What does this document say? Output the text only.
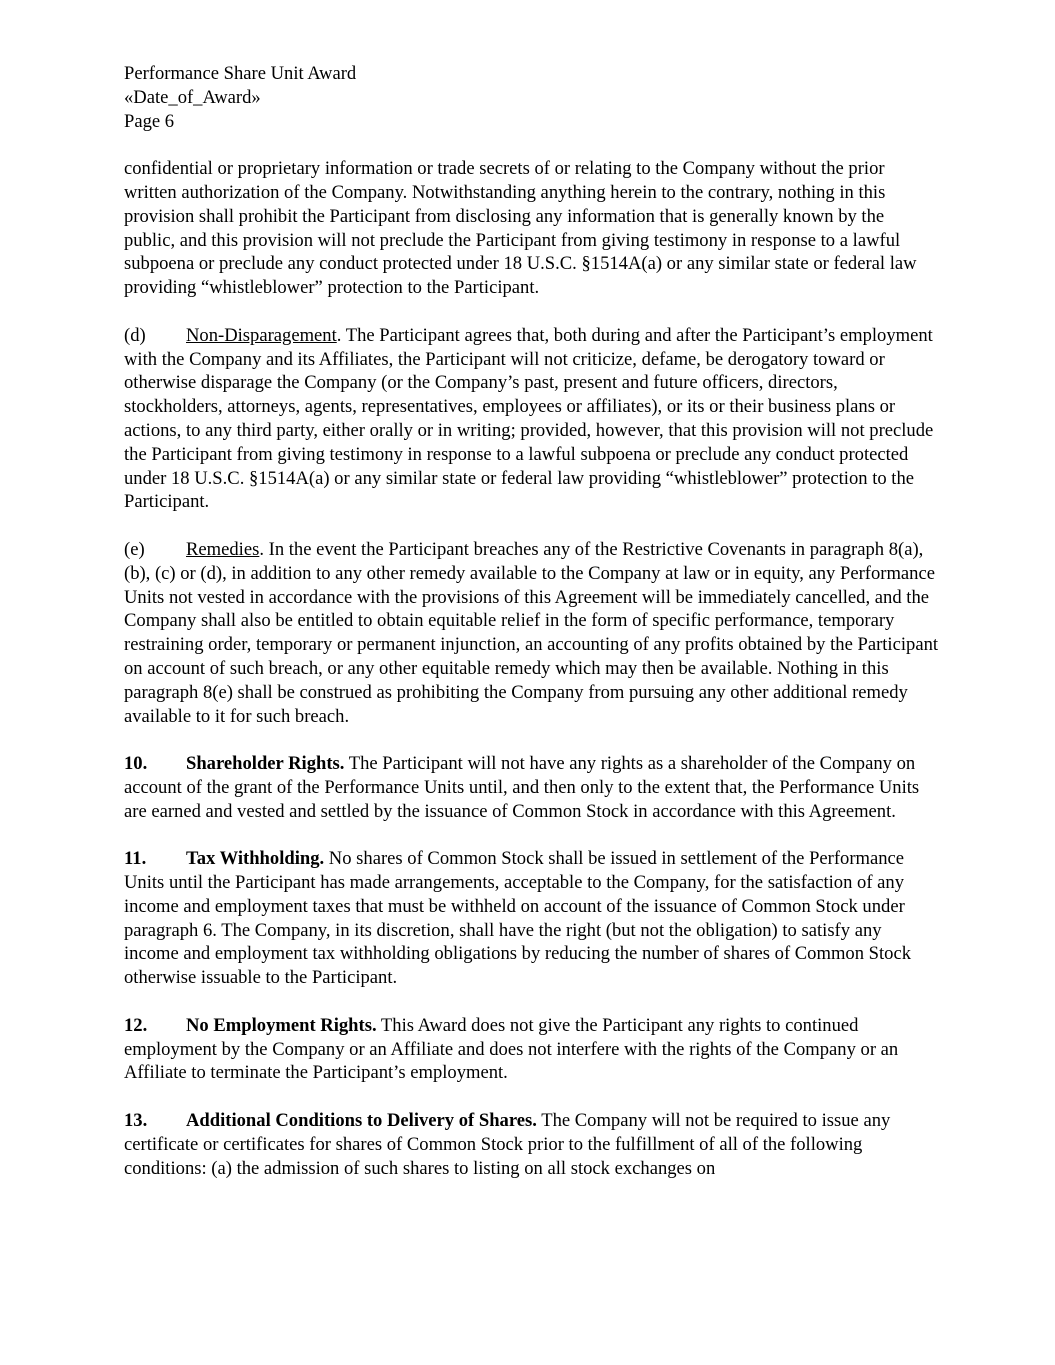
Performance Share Unit Award
«Date_of_Award»
Page 6

confidential or proprietary information or trade secrets of or relating to the Company without the prior written authorization of the Company. Notwithstanding anything herein to the contrary, nothing in this provision shall prohibit the Participant from disclosing any information that is generally known by the public, and this provision will not preclude the Participant from giving testimony in response to a lawful subpoena or preclude any conduct protected under 18 U.S.C. §1514A(a) or any similar state or federal law providing “whistleblower” protection to the Participant.

(d) Non-Disparagement. The Participant agrees that, both during and after the Participant’s employment with the Company and its Affiliates, the Participant will not criticize, defame, be derogatory toward or otherwise disparage the Company (or the Company’s past, present and future officers, directors, stockholders, attorneys, agents, representatives, employees or affiliates), or its or their business plans or actions, to any third party, either orally or in writing; provided, however, that this provision will not preclude the Participant from giving testimony in response to a lawful subpoena or preclude any conduct protected under 18 U.S.C. §1514A(a) or any similar state or federal law providing “whistleblower” protection to the Participant.

(e) Remedies. In the event the Participant breaches any of the Restrictive Covenants in paragraph 8(a), (b), (c) or (d), in addition to any other remedy available to the Company at law or in equity, any Performance Units not vested in accordance with the provisions of this Agreement will be immediately cancelled, and the Company shall also be entitled to obtain equitable relief in the form of specific performance, temporary restraining order, temporary or permanent injunction, an accounting of any profits obtained by the Participant on account of such breach, or any other equitable remedy which may then be available. Nothing in this paragraph 8(e) shall be construed as prohibiting the Company from pursuing any other additional remedy available to it for such breach.

10. Shareholder Rights. The Participant will not have any rights as a shareholder of the Company on account of the grant of the Performance Units until, and then only to the extent that, the Performance Units are earned and vested and settled by the issuance of Common Stock in accordance with this Agreement.

11. Tax Withholding. No shares of Common Stock shall be issued in settlement of the Performance Units until the Participant has made arrangements, acceptable to the Company, for the satisfaction of any income and employment taxes that must be withheld on account of the issuance of Common Stock under paragraph 6. The Company, in its discretion, shall have the right (but not the obligation) to satisfy any income and employment tax withholding obligations by reducing the number of shares of Common Stock otherwise issuable to the Participant.

12. No Employment Rights. This Award does not give the Participant any rights to continued employment by the Company or an Affiliate and does not interfere with the rights of the Company or an Affiliate to terminate the Participant’s employment.

13. Additional Conditions to Delivery of Shares. The Company will not be required to issue any certificate or certificates for shares of Common Stock prior to the fulfillment of all of the following conditions: (a) the admission of such shares to listing on all stock exchanges on
